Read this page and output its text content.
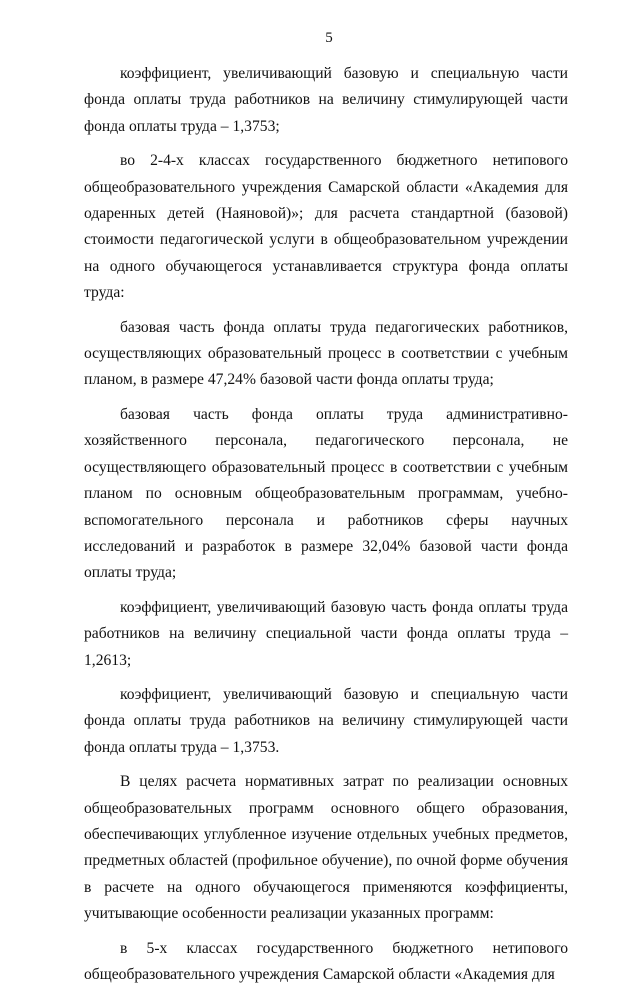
5

коэффициент, увеличивающий базовую и специальную части фонда оплаты труда работников на величину стимулирующей части фонда оплаты труда – 1,3753;

во 2-4-х классах государственного бюджетного нетипового общеобразовательного учреждения Самарской области «Академия для одаренных детей (Наяновой)»; для расчета стандартной (базовой) стоимости педагогической услуги в общеобразовательном учреждении на одного обучающегося устанавливается структура фонда оплаты труда:

базовая часть фонда оплаты труда педагогических работников, осуществляющих образовательный процесс в соответствии с учебным планом, в размере 47,24% базовой части фонда оплаты труда;

базовая часть фонда оплаты труда административно-хозяйственного персонала, педагогического персонала, не осуществляющего образовательный процесс в соответствии с учебным планом по основным общеобразовательным программам, учебно-вспомогательного персонала и работников сферы научных исследований и разработок в размере 32,04% базовой части фонда оплаты труда;

коэффициент, увеличивающий базовую часть фонда оплаты труда работников на величину специальной части фонда оплаты труда – 1,2613;

коэффициент, увеличивающий базовую и специальную части фонда оплаты труда работников на величину стимулирующей части фонда оплаты труда – 1,3753.

В целях расчета нормативных затрат по реализации основных общеобразовательных программ основного общего образования, обеспечивающих углубленное изучение отдельных учебных предметов, предметных областей (профильное обучение), по очной форме обучения в расчете на одного обучающегося применяются коэффициенты, учитывающие особенности реализации указанных программ:

в 5-х классах государственного бюджетного нетипового общеобразовательного учреждения Самарской области «Академия для
